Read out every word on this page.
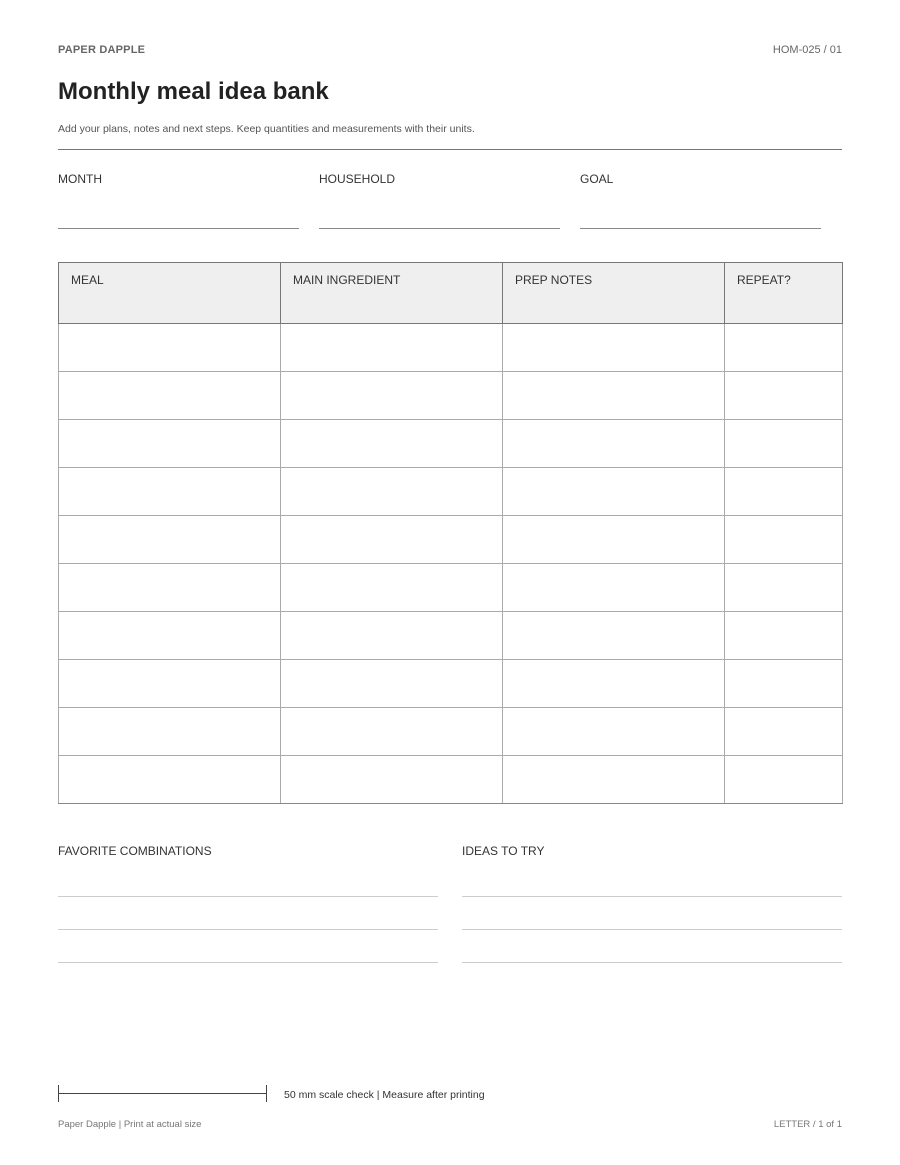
PAPER DAPPLE	HOM-025 / 01
Monthly meal idea bank
Add your plans, notes and next steps. Keep quantities and measurements with their units.
MONTH	HOUSEHOLD	GOAL
MEAL	MAIN INGREDIENT	PREP NOTES	REPEAT?

FAVORITE COMBINATIONS	IDEAS TO TRY
50 mm scale check | Measure after printing
Paper Dapple | Print at actual size	LETTER / 1 of 1
